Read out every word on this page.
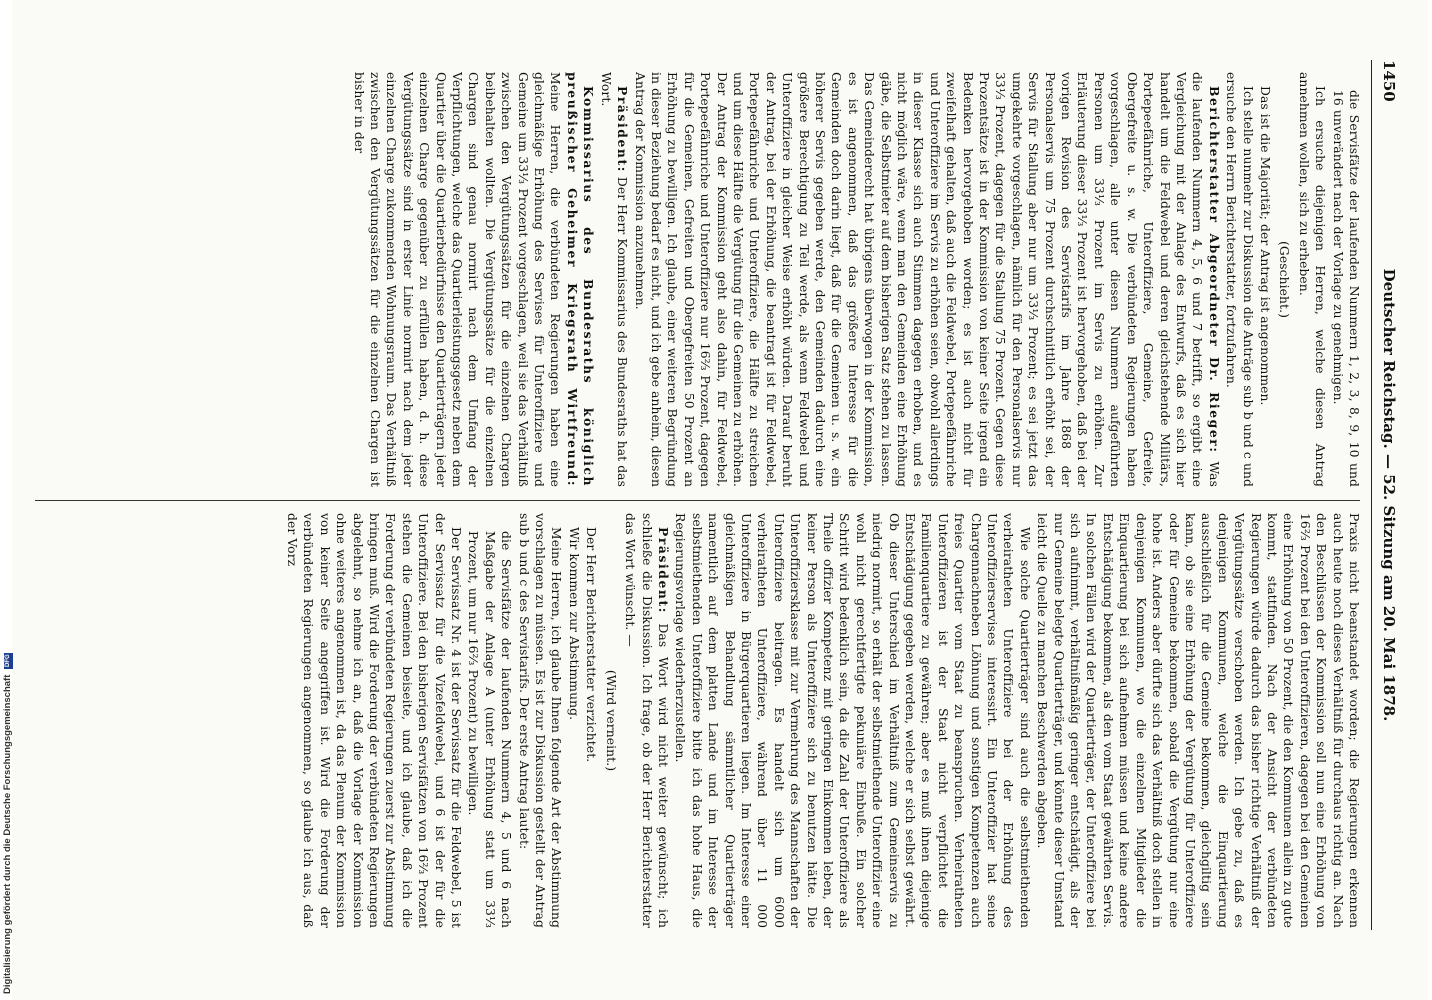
1450
Deutscher Reichstag. — 52. Sitzung am 20. Mai 1878.

die Servisfätze der laufenden Nummern 1, 2, 3, 8, 9, 10 und 16 unverändert nach der Vorlage zu genehmigen.

Ich ersuche diejenigen Herren, welche diesen Antrag annehmen wollen, sich zu erheben.

(Geschieht.)

Das ist die Majorität; der Antrag ist angenommen.

Ich stelle nunmehr zur Diskussion die Anträge sub b und c und ersuche den Herrn Berichterstatter, fortzufahren.

Berichterstatter Abgeordneter Dr. Rieger: Was die laufenden Nummern 4, 5, 6 und 7 betrifft, so ergibt eine Vergleichung mit der Anlage des Entwurfs, daß es sich hier handelt um die Feldwebel und deren gleichstehende Militärs, Portepeefähnriche, Unteroffiziere, Gemeine, Gefreite, Obergefreite u. s. w. Die verbündeten Regierungen haben vorgeschlagen, alle unter diesen Nummern aufgeführten Personen um 33⅓ Prozent im Servis zu erhöhen. Zur Erläuterung dieser 33⅓ Prozent ist hervorgehoben, daß bei der vorigen Revision des Servistarifs im Jahre 1868 der Personalservis um 75 Prozent durchschnittlich erhöht sei, der Servis für Stallung aber nur um 33⅓ Prozent; es sei jetzt das umgekehrte vorgeschlagen, nämlich für den Personalservis nur 33⅓ Prozent, dagegen für die Stallung 75 Prozent. Gegen diese Prozentsätze ist in der Kommission von keiner Seite irgend ein Bedenken hervorgehoben worden; es ist auch nicht für zweifelhaft gehalten, daß auch die Feldwebel, Portepeefähnriche und Unteroffiziere im Servis zu erhöhen seien, obwohl allerdings in dieser Klasse sich auch Stimmen dagegen erhoben, und es nicht möglich wäre, wenn man den Gemeinden eine Erhöhung gäbe, die Selbstmieter auf dem bisherigen Satz stehen zu lassen. Das Gemeinderecht hat übrigens überwogen in der Kommission, es ist angenommen, daß das größere Interesse für die Gemeinden doch darin liegt, daß für die Gemeinen u. s. w. ein höherer Servis gegeben werde, den Gemeinden dadurch eine größere Berechtigung zu Teil werde, als wenn Feldwebel und Unteroffiziere in gleicher Weise erhöht würden. Darauf beruht der Antrag, bei der Erhöhung, die beantragt ist für Feldwebel, Portepeefähnriche und Unteroffiziere, die Hälfte zu streichen und um diese Hälfte die Vergütung für die Gemeinen zu erhöhen. Der Antrag der Kommission geht also dahin, für Feldwebel, Portepeefähnriche und Unteroffiziere nur 16⅔ Prozent, dagegen für die Gemeinen, Gefreiten und Obergefreiten 50 Prozent an Erhöhung zu bewilligen. Ich glaube, einer weiteren Begründung in dieser Beziehung bedarf es nicht, und ich gebe anheim, diesen Antrag der Kommission anzunehmen.

Präsident: Der Herr Kommissarius des Bundesraths hat das Wort.

Kommissarius des Bundesraths königlich preußischer Geheimer Kriegsrath Wirtfreund: Meine Herren, die verbündeten Regierungen haben eine gleichmäßige Erhöhung des Servises für Unteroffiziere und Gemeine um 33⅓ Prozent vorgeschlagen, weil sie das Verhältniß zwischen den Vergütungssätzen für die einzelnen Chargen beibehalten wollten. Die Vergütungssätze für die einzelnen Chargen sind genau normirt nach dem Umfang der Verpflichtungen, welche das Quartierleistungsgesetz neben dem Quartier über die Quartierbedürfnisse den Quartierträgern jeder einzelnen Charge gegenüber zu erfüllen haben, d. h. diese Vergütungssätze sind in erster Linie normirt nach dem jeder einzelnen Charge zukommenden Wohnungsraum. Das Verhältniß zwischen den Vergütungssätzen für die einzelnen Chargen ist bisher in der

Praxis nicht beanstandet worden; die Regierungen erkennen auch heute noch dieses Verhältniß für durchaus richtig an. Nach den Beschlüssen der Kommission soll nun eine Erhöhung von 16⅔ Prozent bei den Unteroffizieren, dagegen bei den Gemeinen eine Erhöhung von 50 Prozent, die den Kommunen allein zu gute kommt, stattfinden. Nach der Ansicht der verbündeten Regierungen würde dadurch das bisher richtige Verhältniß der Vergütungssätze verschoben werden. Ich gebe zu, daß es denjenigen Kommunen, welche die Einquartierung ausschließlich für die Gemeine bekommen, gleichgiltig sein kann, ob sie eine Erhöhung der Vergütung für Unteroffiziere oder für Gemeine bekommen, sobald die Vergütung nur eine hohe ist. Anders aber dürfte sich das Verhältniß doch stellen in denjenigen Kommunen, wo die einzelnen Mitglieder die Einquartierung bei sich aufnehmen müssen und keine andere Entschädigung bekommen, als den vom Staat gewährten Servis. In solchen Fällen wird der Quartierträger, der Unteroffiziere bei sich aufnimmt, verhältnißmäßig geringer entschädigt, als der nur Gemeine belegte Quartierträger, und könnte dieser Umstand leicht die Quelle zu manchen Beschwerden abgeben.

Wie solche Quartierträger sind auch die selbstmiethenden verheiratheten Unteroffiziere bei der Erhöhung des Unteroffizierservises interessirt. Ein Unteroffizier hat seine Chargennachneben Löhnung und sonstigen Kompetenzen auch freies Quartier vom Staat zu beanspruchen. Verheiratheten Unteroffizieren ist der Staat nicht verpflichtet die Familienquartiere zu gewähren; aber es muß ihnen diejenige Entschädigung gegeben werden, welche er sich selbst gewährt. Ob dieser Unterschied im Verhältniß zum Gemeinservis zu niedrig normirt, so erhält der selbstmiethende Unteroffizier eine wohl nicht gerechtfertigte pekuniäre Einbuße. Ein solcher Schritt wird bedenklich sein, da die Zahl der Unteroffiziere als Theile offizier Kompetenz mit geringen Einkommen leben, der keiner Person als Unteroffiziere sich zu benutzen hätte. Die Unteroffiziersklasse mit zur Vermehrung des Mannschaften der Unteroffiziere beitragen. Es handelt sich um 6000 verheiratheten Unteroffiziere, während über 11 000 Unteroffiziere in Bürgerquartieren liegen. Im Interesse einer gleichmäßigen Behandlung sämmtlicher Quartierträger namentlich auf dem platten Lande und im Interesse der selbstmiethenden Unteroffiziere bitte ich das hohe Haus, die Regierungsvorlage wiederherzustellen.

Präsident: Das Wort wird nicht weiter gewünscht; ich schließe die Diskussion. Ich frage, ob der Herr Berichterstatter das Wort wünscht. —

(Wird verneint.)

Der Herr Berichterstatter verzichtet.

Wir kommen zur Abstimmung.

Meine Herren, ich glaube Ihnen folgende Art der Abstimmung vorschlagen zu müssen. Es ist zur Diskussion gestellt der Antrag sub b und c des Servistarifs. Der erste Antrag lautet:

die Servisfätze der laufenden Nummern 4, 5 und 6 nach Maßgabe der Anlage A (unter Erhöhung statt um 33⅓ Prozent, um nur 16⅔ Prozent) zu bewilligen.

Der Servissatz Nr. 4 ist der Servissatz für die Feldwebel, 5 ist der Servissatz für die Vizefeldwebel, und 6 ist der für die Unteroffiziere. Bei den bisherigen Servisfätzen von 16⅔ Prozent stehen die Gemeinen beiseite, und ich glaube, daß ich die Forderung der verbündeten Regierungen zuerst zur Abstimmung bringen muß. Wird die Forderung der verbündeten Regierungen abgelehnt, so nehme ich an, daß die Vorlage der Kommission ohne weiteres angenommen ist, da das Plenum der Kommission von keiner Seite angegriffen ist. Wird die Forderung der verbündeten Regierungen angenommen, so glaube ich aus, daß der Vorz

Digitalisierung gefördert durch die Deutsche Forschungsgemeinschaft DFG
